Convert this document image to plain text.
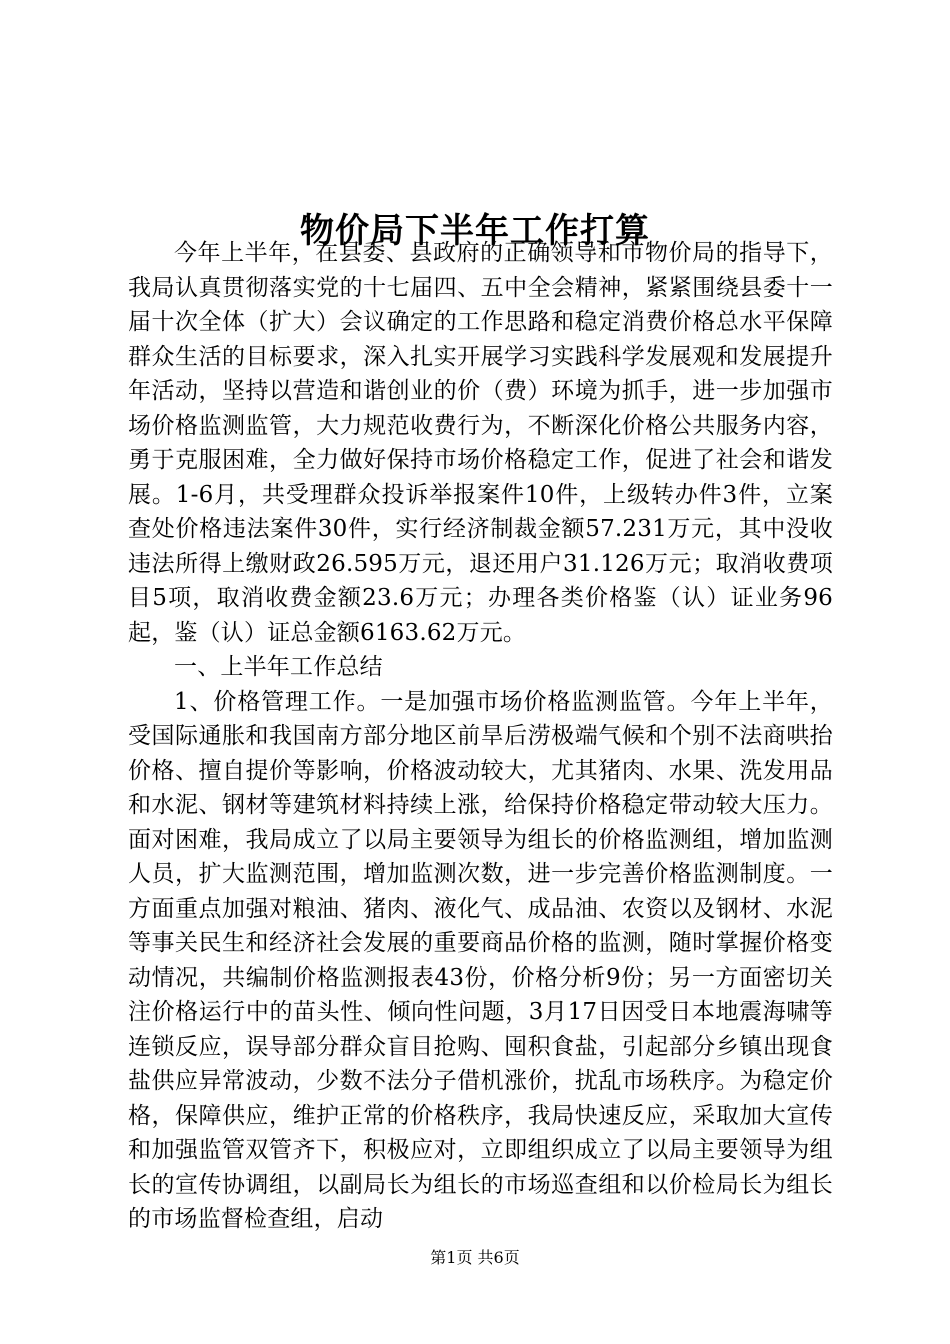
物价局下半年工作打算

今年上半年，在县委、县政府的正确领导和市物价局的指导下，我局认真贯彻落实党的十七届四、五中全会精神，紧紧围绕县委十一届十次全体（扩大）会议确定的工作思路和稳定消费价格总水平保障群众生活的目标要求，深入扎实开展学习实践科学发展观和发展提升年活动，坚持以营造和谐创业的价（费）环境为抓手，进一步加强市场价格监测监管，大力规范收费行为，不断深化价格公共服务内容，勇于克服困难，全力做好保持市场价格稳定工作，促进了社会和谐发展。1-6月，共受理群众投诉举报案件10件，上级转办件3件，立案查处价格违法案件30件，实行经济制裁金额57.231万元，其中没收违法所得上缴财政26.595万元，退还用户31.126万元；取消收费项目5项，取消收费金额23.6万元；办理各类价格鉴（认）证业务96起，鉴（认）证总金额6163.62万元。

一、上半年工作总结

1、价格管理工作。一是加强市场价格监测监管。今年上半年，受国际通胀和我国南方部分地区前旱后涝极端气候和个别不法商哄抬价格、擅自提价等影响，价格波动较大，尤其猪肉、水果、洗发用品和水泥、钢材等建筑材料持续上涨，给保持价格稳定带动较大压力。面对困难，我局成立了以局主要领导为组长的价格监测组，增加监测人员，扩大监测范围，增加监测次数，进一步完善价格监测制度。一方面重点加强对粮油、猪肉、液化气、成品油、农资以及钢材、水泥等事关民生和经济社会发展的重要商品价格的监测，随时掌握价格变动情况，共编制价格监测报表43份，价格分析9份；另一方面密切关注价格运行中的苗头性、倾向性问题，3月17日因受日本地震海啸等连锁反应，误导部分群众盲目抢购、囤积食盐，引起部分乡镇出现食盐供应异常波动，少数不法分子借机涨价，扰乱市场秩序。为稳定价格，保障供应，维护正常的价格秩序，我局快速反应，采取加大宣传和加强监管双管齐下，积极应对，立即组织成立了以局主要领导为组长的宣传协调组，以副局长为组长的市场巡查组和以价检局长为组长的市场监督检查组，启动

第1页 共6页
